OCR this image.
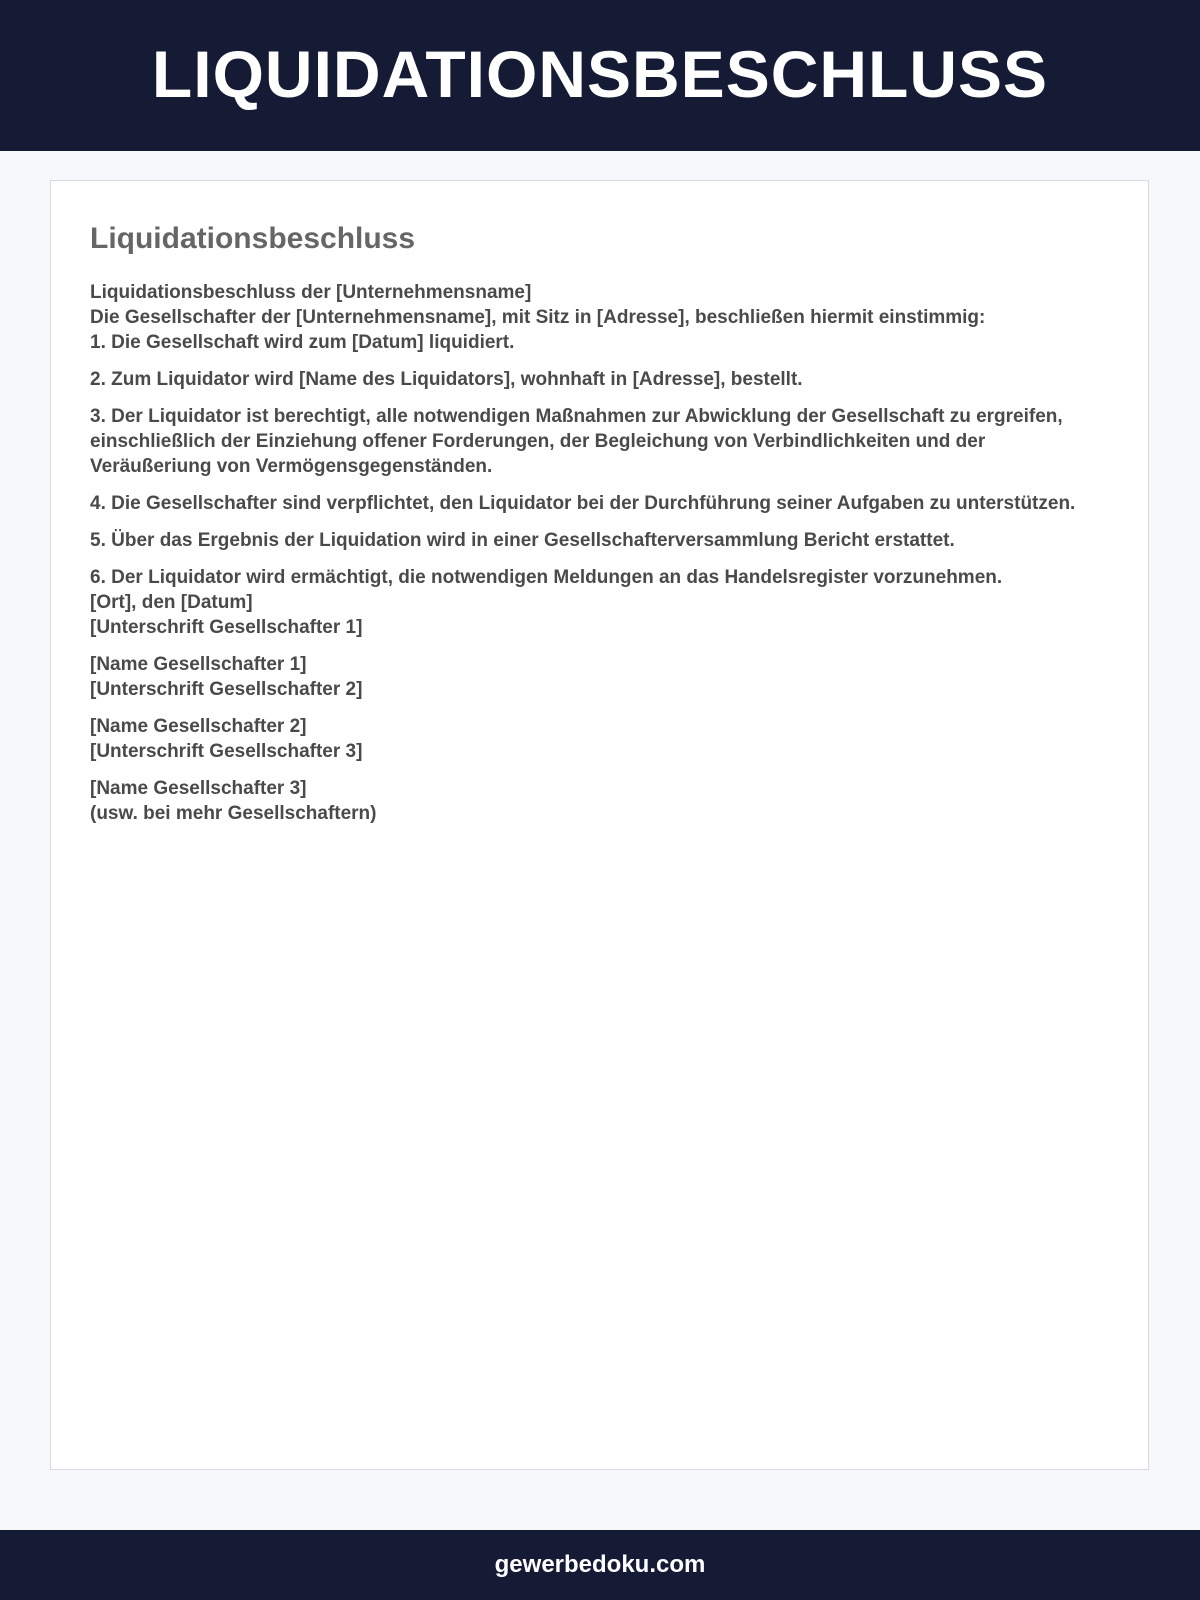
LIQUIDATIONSBESCHLUSS
Liquidationsbeschluss

Liquidationsbeschluss der [Unternehmensname]
Die Gesellschafter der [Unternehmensname], mit Sitz in [Adresse], beschließen hiermit einstimmig:
1. Die Gesellschaft wird zum [Datum] liquidiert.

2. Zum Liquidator wird [Name des Liquidators], wohnhaft in [Adresse], bestellt.

3. Der Liquidator ist berechtigt, alle notwendigen Maßnahmen zur Abwicklung der Gesellschaft zu ergreifen, einschließlich der Einziehung offener Forderungen, der Begleichung von Verbindlichkeiten und der Veräußeriung von Vermögensgegenständen.

4. Die Gesellschafter sind verpflichtet, den Liquidator bei der Durchführung seiner Aufgaben zu unterstützen.

5. Über das Ergebnis der Liquidation wird in einer Gesellschafterversammlung Bericht erstattet.

6. Der Liquidator wird ermächtigt, die notwendigen Meldungen an das Handelsregister vorzunehmen.
[Ort], den [Datum]
[Unterschrift Gesellschafter 1]

[Name Gesellschafter 1]
[Unterschrift Gesellschafter 2]

[Name Gesellschafter 2]
[Unterschrift Gesellschafter 3]

[Name Gesellschafter 3]
(usw. bei mehr Gesellschaftern)

gewerbedoku.com
